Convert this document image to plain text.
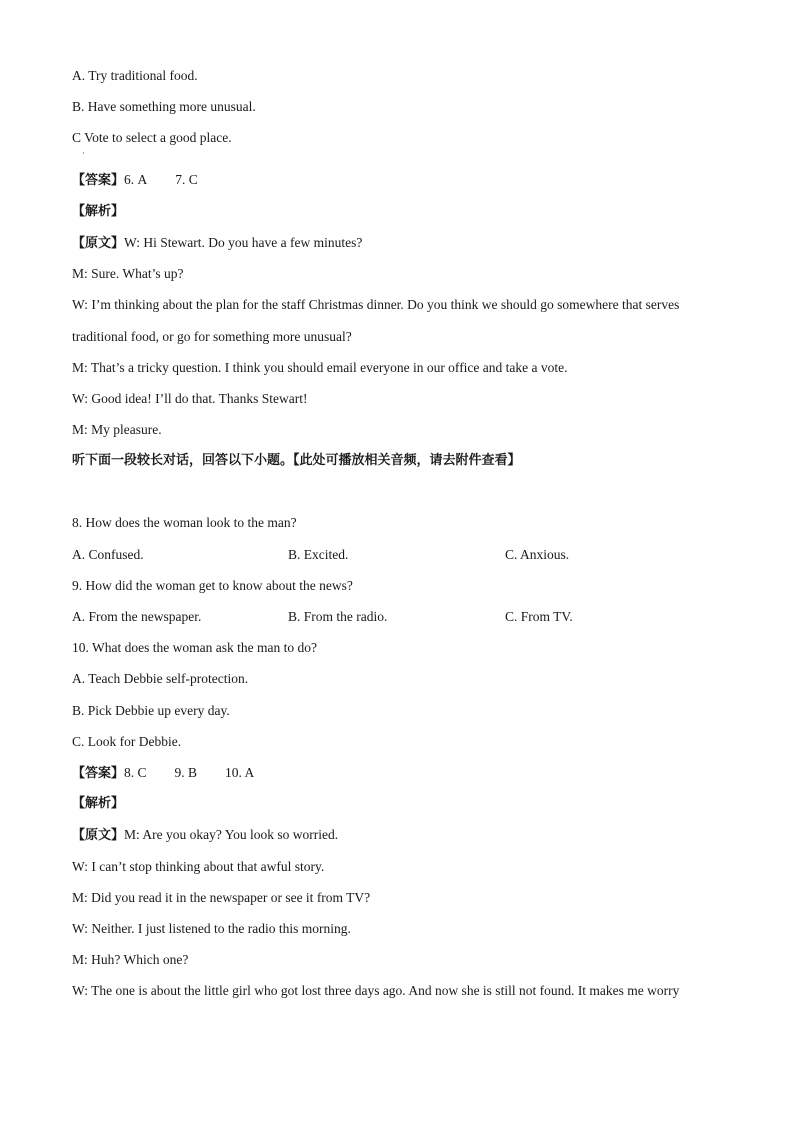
A. Try traditional food.
B. Have something more unusual.
C Vote to select a good place.
·
【答案】6. A 7. C
【解析】
【原文】W: Hi Stewart. Do you have a few minutes?
M: Sure. What’s up?
W: I’m thinking about the plan for the staff Christmas dinner. Do you think we should go somewhere that serves
traditional food, or go for something more unusual?
M: That’s a tricky question. I think you should email everyone in our office and take a vote.
W: Good idea! I’ll do that. Thanks Stewart!
M: My pleasure.
听下面一段较长对话，回答以下小题。【此处可播放相关音频，请去附件查看】
8. How does the woman look to the man?
A. Confused.	B. Excited.	C. Anxious.
9. How did the woman get to know about the news?
A. From the newspaper.	B. From the radio.	C. From TV.
10. What does the woman ask the man to do?
A. Teach Debbie self-protection.
B. Pick Debbie up every day.
C. Look for Debbie.
【答案】8. C 9. B 10. A
【解析】
【原文】M: Are you okay? You look so worried.
W: I can’t stop thinking about that awful story.
M: Did you read it in the newspaper or see it from TV?
W: Neither. I just listened to the radio this morning.
M: Huh? Which one?
W: The one is about the little girl who got lost three days ago. And now she is still not found. It makes me worry
